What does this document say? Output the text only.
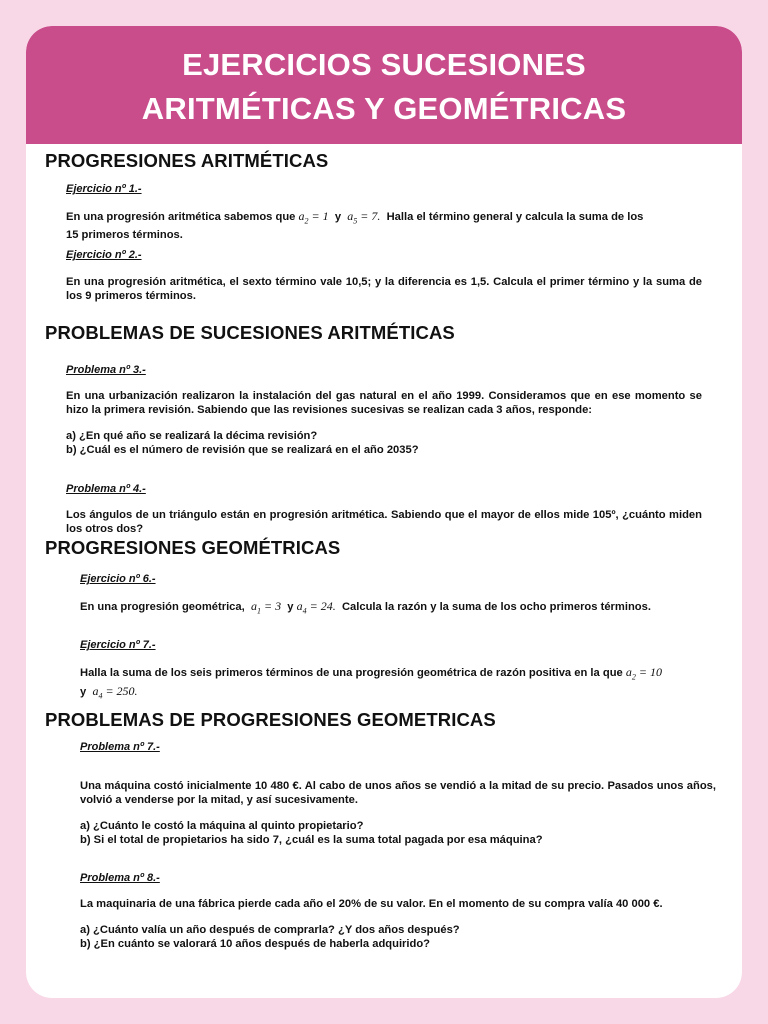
EJERCICIOS SUCESIONES
ARITMÉTICAS Y GEOMÉTRICAS
PROGRESIONES ARITMÉTICAS
Ejercicio nº 1.-
En una progresión aritmética sabemos que $a_2 = 1$  y  $a_5 = 7$.  Halla el término general y calcula la suma de los
15 primeros términos.
Ejercicio nº 2.-
En una progresión aritmética, el sexto término vale 10,5; y la diferencia es 1,5. Calcula el primer término y la suma de los 9 primeros términos.
PROBLEMAS DE SUCESIONES ARITMÉTICAS
Problema nº 3.-
En una urbanización realizaron la instalación del gas natural en el año 1999. Consideramos que en ese momento se hizo la primera revisión. Sabiendo que las revisiones sucesivas se realizan cada 3 años, responde:
a) ¿En qué año se realizará la décima revisión?
b) ¿Cuál es el número de revisión que se realizará en el año 2035?
Problema nº 4.-
Los ángulos de un triángulo están en progresión aritmética. Sabiendo que el mayor de ellos mide 105º, ¿cuánto miden los otros dos?
PROGRESIONES GEOMÉTRICAS
Ejercicio nº 6.-
En una progresión geométrica,  $a_1 = 3$  y $a_4 = 24$.  Calcula la razón y la suma de los ocho primeros términos.
Ejercicio nº 7.-
Halla la suma de los seis primeros términos de una progresión geométrica de razón positiva en la que $a_2 = 10$
y  $a_4 = 250$.
PROBLEMAS DE PROGRESIONES GEOMETRICAS
Problema nº 7.-
Una máquina costó inicialmente 10 480 €. Al cabo de unos años se vendió a la mitad de su precio. Pasados unos años, volvió a venderse por la mitad, y así sucesivamente.
a) ¿Cuánto le costó la máquina al quinto propietario?
b) Si el total de propietarios ha sido 7, ¿cuál es la suma total pagada por esa máquina?
Problema nº 8.-
La maquinaria de una fábrica pierde cada año el 20% de su valor. En el momento de su compra valía 40 000 €.
a) ¿Cuánto valía un año después de comprarla? ¿Y dos años después?
b) ¿En cuánto se valorará 10 años después de haberla adquirido?
